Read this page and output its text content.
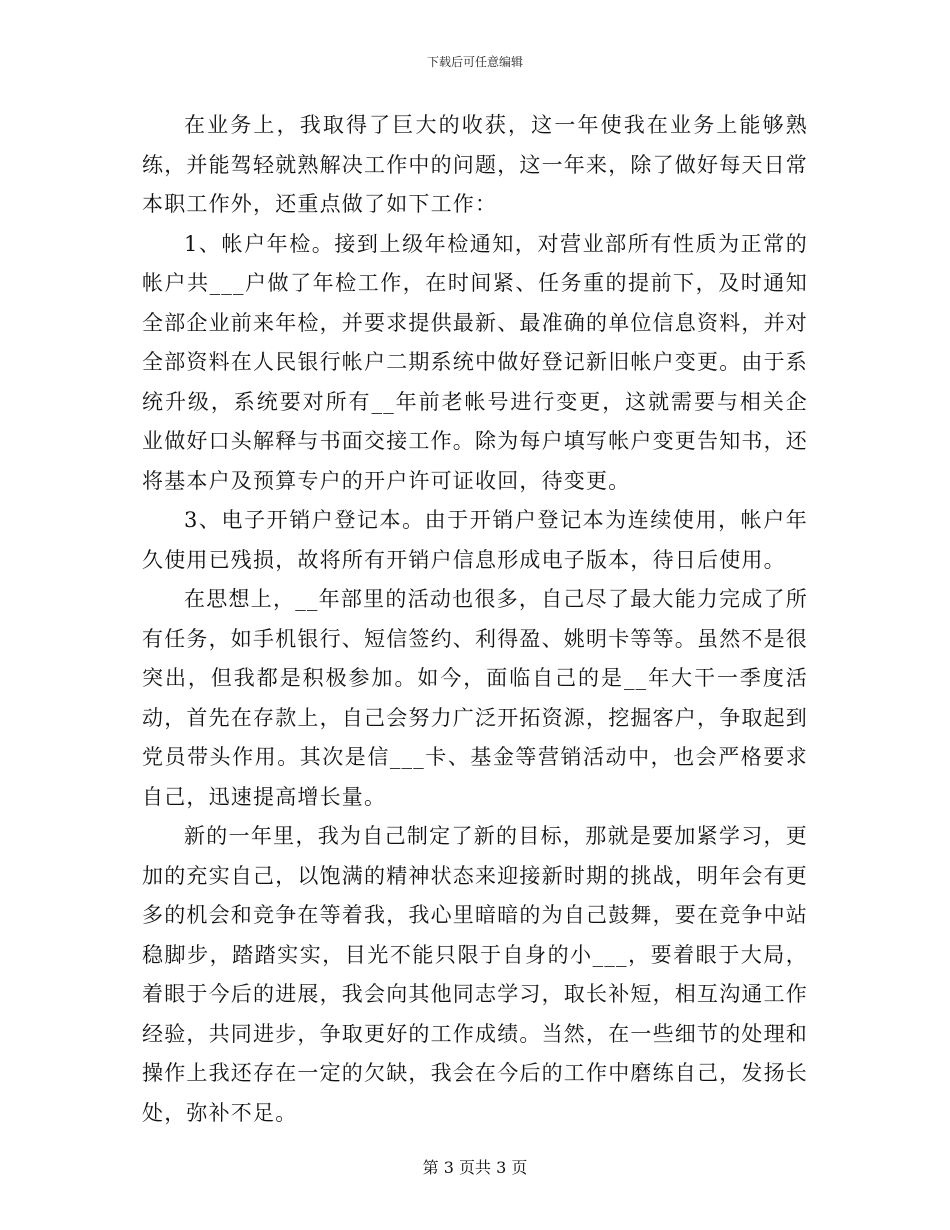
下载后可任意编辑

在业务上，我取得了巨大的收获，这一年使我在业务上能够熟练，并能驾轻就熟解决工作中的问题，这一年来，除了做好每天日常本职工作外，还重点做了如下工作：

1、帐户年检。接到上级年检通知，对营业部所有性质为正常的帐户共___户做了年检工作，在时间紧、任务重的提前下，及时通知全部企业前来年检，并要求提供最新、最准确的单位信息资料，并对全部资料在人民银行帐户二期系统中做好登记新旧帐户变更。由于系统升级，系统要对所有__年前老帐号进行变更，这就需要与相关企业做好口头解释与书面交接工作。除为每户填写帐户变更告知书，还将基本户及预算专户的开户许可证收回，待变更。

3、电子开销户登记本。由于开销户登记本为连续使用，帐户年久使用已残损，故将所有开销户信息形成电子版本，待日后使用。

在思想上，__年部里的活动也很多，自己尽了最大能力完成了所有任务，如手机银行、短信签约、利得盈、姚明卡等等。虽然不是很突出，但我都是积极参加。如今，面临自己的是__年大干一季度活动，首先在存款上，自己会努力广泛开拓资源，挖掘客户，争取起到党员带头作用。其次是信___卡、基金等营销活动中，也会严格要求自己，迅速提高增长量。

新的一年里，我为自己制定了新的目标，那就是要加紧学习，更加的充实自己，以饱满的精神状态来迎接新时期的挑战，明年会有更多的机会和竞争在等着我，我心里暗暗的为自己鼓舞，要在竞争中站稳脚步，踏踏实实，目光不能只限于自身的小___，要着眼于大局，着眼于今后的进展，我会向其他同志学习，取长补短，相互沟通工作经验，共同进步，争取更好的工作成绩。当然，在一些细节的处理和操作上我还存在一定的欠缺，我会在今后的工作中磨练自己，发扬长处，弥补不足。

第 3 页共 3 页
